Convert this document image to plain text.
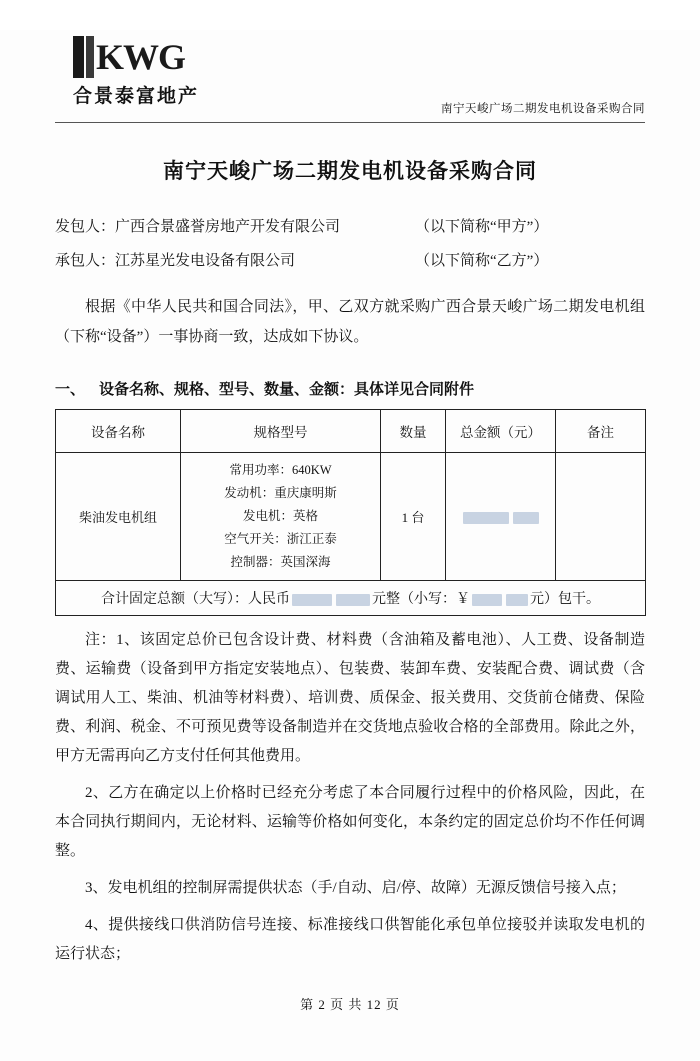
KWG
合景泰富地产
南宁天峻广场二期发电机设备采购合同
南宁天峻广场二期发电机设备采购合同
发包人：广西合景盛誉房地产开发有限公司	（以下简称“甲方”）
承包人：江苏星光发电设备有限公司	（以下简称“乙方”）
根据《中华人民共和国合同法》，甲、乙双方就采购广西合景天峻广场二期发电机组（下称“设备”）一事协商一致，达成如下协议。
一、 设备名称、规格、型号、数量、金额：具体详见合同附件
设备名称	规格型号	数量	总金额（元）	备注
柴油发电机组	常用功率：640KW
发动机：重庆康明斯
发电机：英格
空气开关：浙江正泰
控制器：英国深海	1 台		
合计固定总额（大写）：人民币 元整（小写：￥ 元）包干。				
注：1、该固定总价已包含设计费、材料费（含油箱及蓄电池）、人工费、设备制造费、运输费（设备到甲方指定安装地点）、包装费、装卸车费、安装配合费、调试费（含调试用人工、柴油、机油等材料费）、培训费、质保金、报关费用、交货前仓储费、保险费、利润、税金、不可预见费等设备制造并在交货地点验收合格的全部费用。除此之外，甲方无需再向乙方支付任何其他费用。
2、乙方在确定以上价格时已经充分考虑了本合同履行过程中的价格风险，因此，在本合同执行期间内，无论材料、运输等价格如何变化，本条约定的固定总价均不作任何调整。
3、发电机组的控制屏需提供状态（手/自动、启/停、故障）无源反馈信号接入点；
4、提供接线口供消防信号连接、标准接线口供智能化承包单位接驳并读取发电机的运行状态；
第 2 页 共 12 页
